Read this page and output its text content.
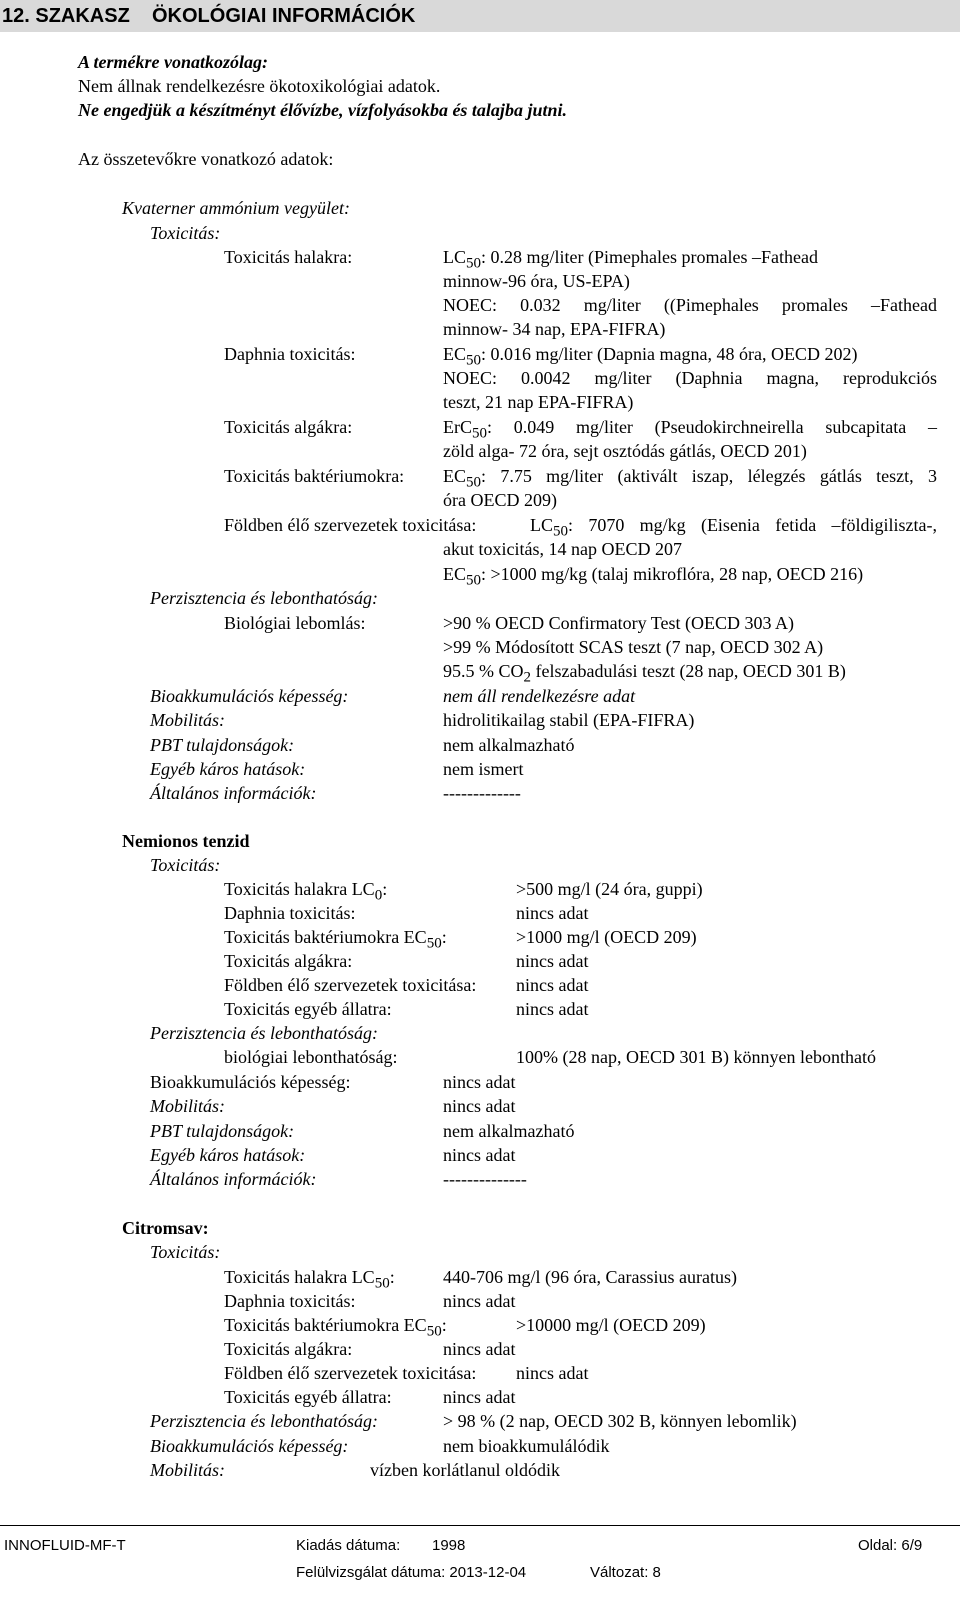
12. SZAKASZ ÖKOLÓGIAI INFORMÁCIÓK
A termékre vonatkozólag:
Nem állnak rendelkezésre ökotoxikológiai adatok.
Ne engedjük a készítményt élővízbe, vízfolyásokba és talajba jutni.
Az összetevőkre vonatkozó adatok:
Kvaterner ammónium vegyület:
Toxicitás:
Toxicitás halakra:	$LC_{50}$: 0.28 mg/liter (Pimephales promales –Fathead
minnow-96 óra, US-EPA)
NOEC: 0.032 mg/liter ((Pimephales promales –Fathead
minnow- 34 nap, EPA-FIFRA)
Daphnia toxicitás:	$EC_{50}$: 0.016 mg/liter (Dapnia magna, 48 óra, OECD 202)
NOEC: 0.0042 mg/liter (Daphnia magna, reprodukciós
teszt, 21 nap EPA-FIFRA)
Toxicitás algákra:	ErC$_{50}$: 0.049 mg/liter (Pseudokirchneirella subcapitata –
zöld alga- 72 óra, sejt osztódás gátlás, OECD 201)
Toxicitás baktériumokra: $EC_{50}$: 7.75 mg/liter (aktivált iszap, lélegzés gátlás teszt, 3
óra OECD 209)
Földben élő szervezetek toxicitása:	$LC_{50}$: 7070 mg/kg (Eisenia fetida –földigiliszta-,
akut toxicitás, 14 nap OECD 207
$EC_{50}$: >1000 mg/kg (talaj mikroflóra, 28 nap, OECD 216)
Perzisztencia és lebonthatóság:
Biológiai lebomlás:	>90 % OECD Confirmatory Test (OECD 303 A)
>99 % Módosított SCAS teszt (7 nap, OECD 302 A)
95.5 % $CO_2$ felszabadulási teszt (28 nap, OECD 301 B)
Bioakkumulációs képesség:	nem áll rendelkezésre adat
Mobilitás:	hidrolitikailag stabil (EPA-FIFRA)
PBT tulajdonságok:	nem alkalmazható
Egyéb káros hatások:	nem ismert
Általános információk:	-------------
Nemionos tenzid
Toxicitás:
Toxicitás halakra $LC_0$:	>500 mg/l (24 óra, guppi)
Daphnia toxicitás:	nincs adat
Toxicitás baktériumokra $EC_{50}$:	>1000 mg/l (OECD 209)
Toxicitás algákra:	nincs adat
Földben élő szervezetek toxicitása: nincs adat
Toxicitás egyéb állatra:	nincs adat
Perzisztencia és lebonthatóság:
biológiai lebonthatóság:	100% (28 nap, OECD 301 B) könnyen lebontható
Bioakkumulációs képesség:	nincs adat
Mobilitás:	nincs adat
PBT tulajdonságok:	nem alkalmazható
Egyéb káros hatások:	nincs adat
Általános információk:	--------------
Citromsav:
Toxicitás:
Toxicitás halakra $LC_{50}$:	440-706 mg/l (96 óra, Carassius auratus)
Daphnia toxicitás:	nincs adat
Toxicitás baktériumokra $EC_{50}$:	>10000 mg/l (OECD 209)
Toxicitás algákra:	nincs adat
Földben élő szervezetek toxicitása: nincs adat
Toxicitás egyéb állatra:	nincs adat
Perzisztencia és lebonthatóság:	> 98 % (2 nap, OECD 302 B, könnyen lebomlik)
Bioakkumulációs képesség:	nem bioakkumulálódik
Mobilitás:	vízben korlátlanul oldódik
INNOFLUID-MF-T	Kiadás dátuma: 1998	Oldal: 6/9
Felülvizsgálat dátuma: 2013-12-04	Változat: 8
